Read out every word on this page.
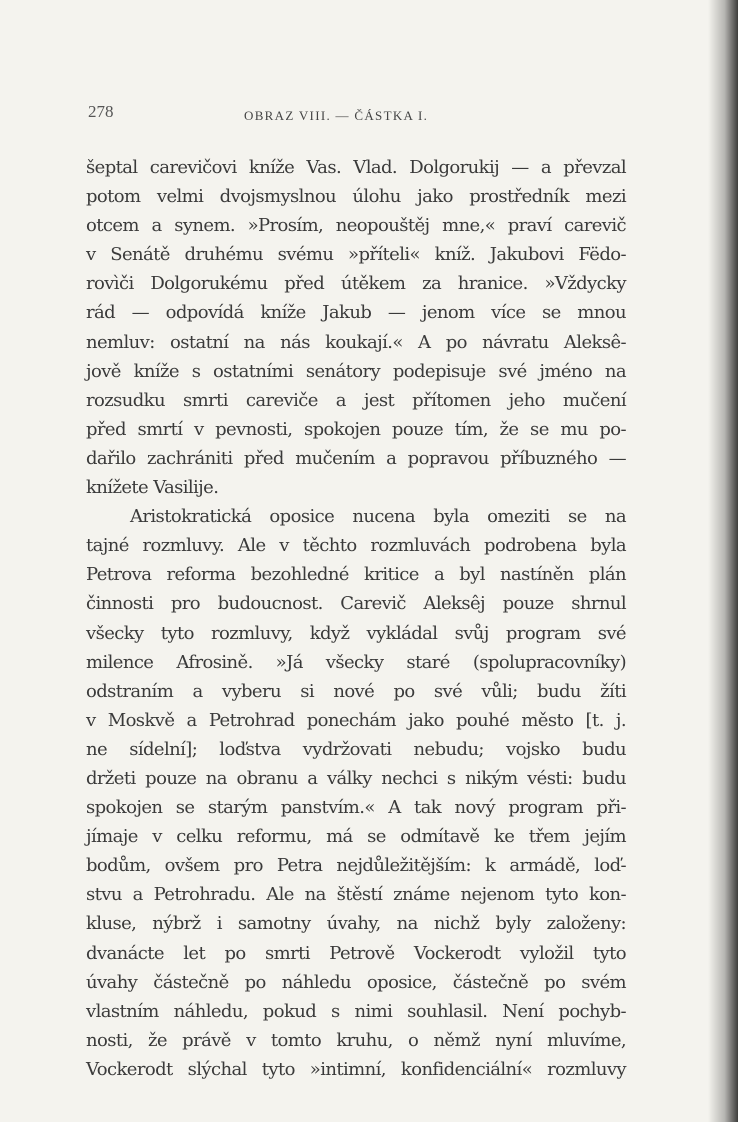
278	OBRAZ VIII. — ČÁSTKA I.
šeptal carevičovi kníže Vas. Vlad. Dolgorukij — a převzal
potom velmi dvojsmyslnou úlohu jako prostředník mezi
otcem a synem. »Prosím, neopouštěj mne,« praví carevič
v Senátě druhému svému »příteli« kníž. Jakubovi Fëdo-
rovìči Dolgorukému před útěkem za hranice. »Vždycky
rád — odpovídá kníže Jakub — jenom více se mnou
nemluv: ostatní na nás koukají.« A po návratu Aleksê-
jově kníže s ostatními senátory podepisuje své jméno na
rozsudku smrti careviče a jest přítomen jeho mučení
před smrtí v pevnosti, spokojen pouze tím, že se mu po-
dařilo zachrániti před mučením a popravou příbuzného —
knížete Vasilije.
Aristokratická oposice nucena byla omeziti se na
tajné rozmluvy. Ale v těchto rozmluvách podrobena byla
Petrova reforma bezohledné kritice a byl nastíněn plán
činnosti pro budoucnost. Carevič Aleksêj pouze shrnul
všecky tyto rozmluvy, když vykládal svůj program své
milence Afrosině. »Já všecky staré (spolupracovníky)
odstraním a vyberu si nové po své vůli; budu žíti
v Moskvě a Petrohrad ponechám jako pouhé město [t. j.
ne sídelní]; loďstva vydržovati nebudu; vojsko budu
držeti pouze na obranu a války nechci s nikým vésti: budu
spokojen se starým panstvím.« A tak nový program při-
jímaje v celku reformu, má se odmítavě ke třem jejím
bodům, ovšem pro Petra nejdůležitějším: k armádě, loď-
stvu a Petrohradu. Ale na štěstí známe nejenom tyto kon-
kluse, nýbrž i samotny úvahy, na nichž byly založeny:
dvanácte let po smrti Petrově Vockerodt vyložil tyto
úvahy částečně po náhledu oposice, částečně po svém
vlastním náhledu, pokud s nimi souhlasil. Není pochyb-
nosti, že právě v tomto kruhu, o němž nyní mluvíme,
Vockerodt slýchal tyto »intimní, konfidenciální« rozmluvy
